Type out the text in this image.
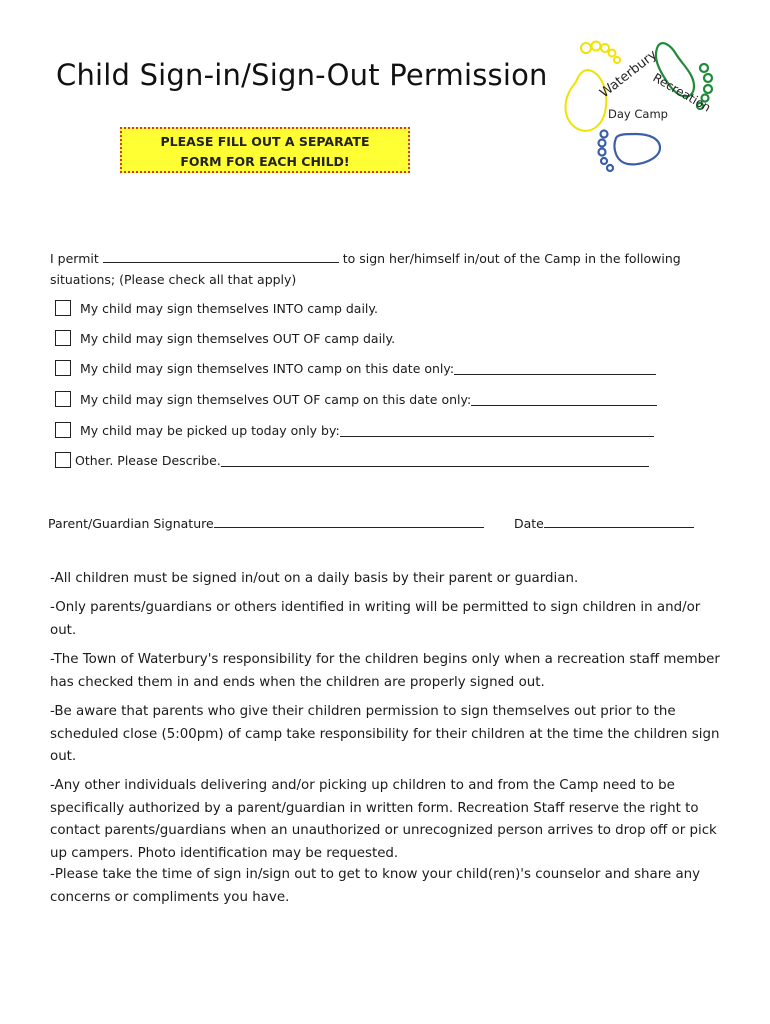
Child Sign-in/Sign-Out Permission
PLEASE FILL OUT A SEPARATE
FORM FOR EACH CHILD!
Waterbury
Recreation
Day Camp
I permit	to sign her/himself in/out of the Camp in the following
situations; (Please check all that apply)
My child may sign themselves INTO camp daily.
My child may sign themselves OUT OF camp daily.
My child may sign themselves INTO camp on this date only:
My child may sign themselves OUT OF camp on this date only:
My child may be picked up today only by:
Other. Please Describe.
Parent/Guardian Signature	Date
-All children must be signed in/out on a daily basis by their parent or guardian.
-Only parents/guardians or others identified in writing will be permitted to sign children in and/or out.
-The Town of Waterbury's responsibility for the children begins only when a recreation staff member has checked them in and ends when the children are properly signed out.
-Be aware that parents who give their children permission to sign themselves out prior to the scheduled close (5:00pm) of camp take responsibility for their children at the time the children sign out.
-Any other individuals delivering and/or picking up children to and from the Camp need to be specifically authorized by a parent/guardian in written form. Recreation Staff reserve the right to contact parents/guardians when an unauthorized or unrecognized person arrives to drop off or pick up campers. Photo identification may be requested.
-Please take the time of sign in/sign out to get to know your child(ren)'s counselor and share any concerns or compliments you have.
